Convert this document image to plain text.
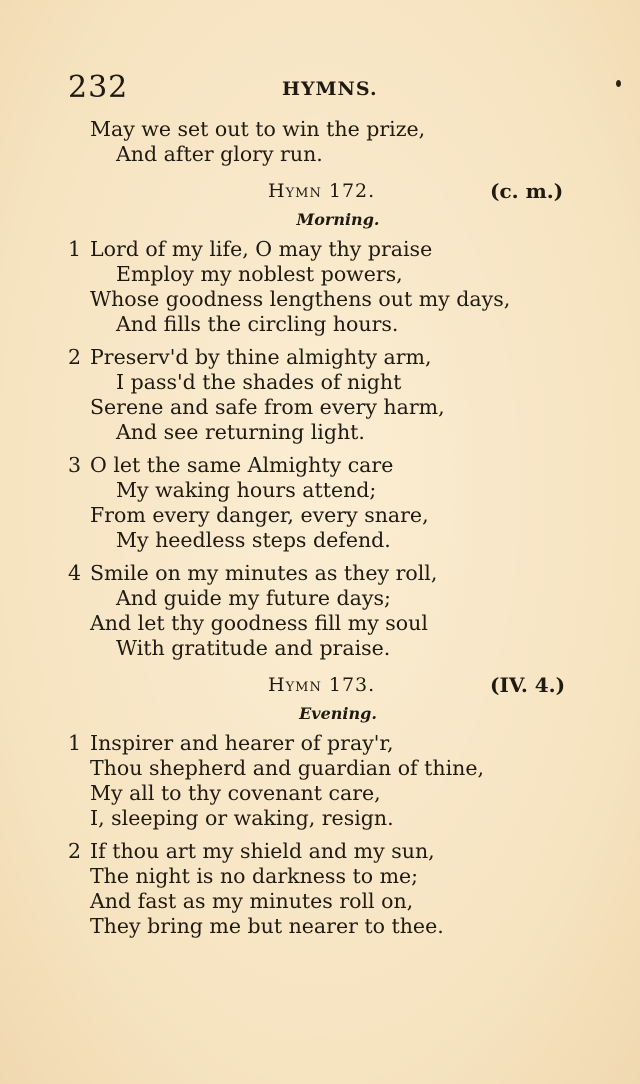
232	HYMNS.
May we set out to win the prize,
And after glory run.
Hymn 172.	(c. m.)
Morning.
1 Lord of my life, O may thy praise
Employ my noblest powers,
Whose goodness lengthens out my days,
And fills the circling hours.
2 Preserv'd by thine almighty arm,
I pass'd the shades of night
Serene and safe from every harm,
And see returning light.
3 O let the same Almighty care
My waking hours attend;
From every danger, every snare,
My heedless steps defend.
4 Smile on my minutes as they roll,
And guide my future days;
And let thy goodness fill my soul
With gratitude and praise.
Hymn 173.	(IV. 4.)
Evening.
1 Inspirer and hearer of pray'r,
Thou shepherd and guardian of thine,
My all to thy covenant care,
I, sleeping or waking, resign.
2 If thou art my shield and my sun,
The night is no darkness to me;
And fast as my minutes roll on,
They bring me but nearer to thee.
